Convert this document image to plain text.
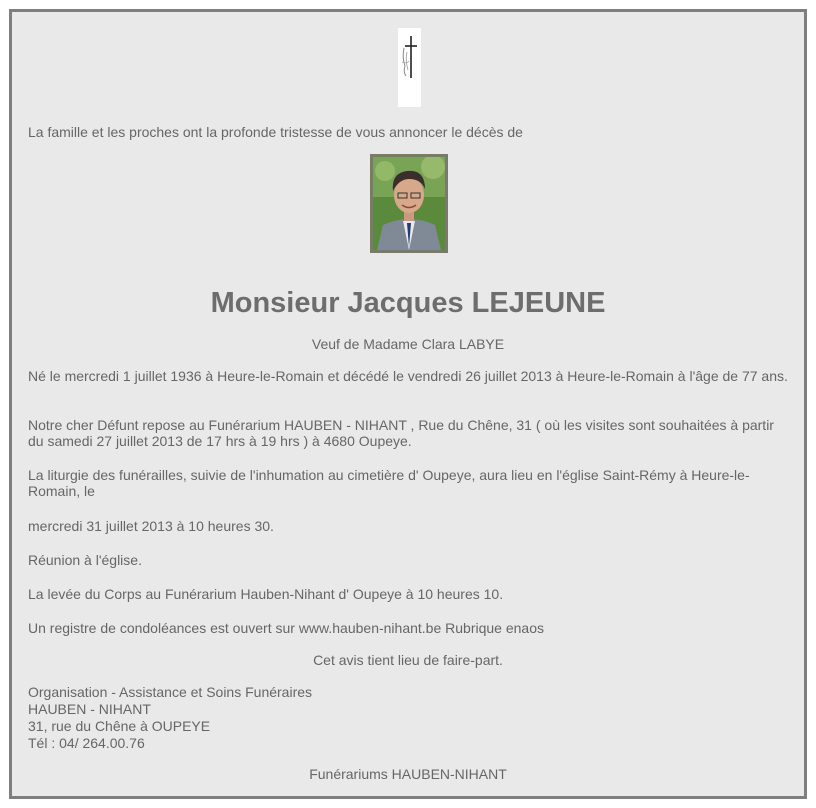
La famille et les proches ont la profonde tristesse de vous annoncer le décès de

Monsieur Jacques LEJEUNE

Veuf de Madame Clara LABYE

Né le mercredi 1 juillet 1936 à Heure-le-Romain et décédé le vendredi 26 juillet 2013 à Heure-le-Romain à l'âge de 77 ans.

Notre cher Défunt repose au Funérarium HAUBEN - NIHANT , Rue du Chêne, 31 ( où les visites sont souhaitées à partir du samedi 27 juillet 2013 de 17 hrs à 19 hrs ) à 4680 Oupeye.

La liturgie des funérailles, suivie de l'inhumation au cimetière d' Oupeye, aura lieu en l'église Saint-Rémy à Heure-le-Romain, le

mercredi 31 juillet 2013 à 10 heures 30.

Réunion à l'église.

La levée du Corps au Funérarium Hauben-Nihant d' Oupeye à 10 heures 10.

Un registre de condoléances est ouvert sur www.hauben-nihant.be Rubrique enaos

Cet avis tient lieu de faire-part.

Organisation - Assistance et Soins Funéraires

HAUBEN - NIHANT

31, rue du Chêne à OUPEYE

Tél : 04/ 264.00.76

Funérariums HAUBEN-NIHANT
